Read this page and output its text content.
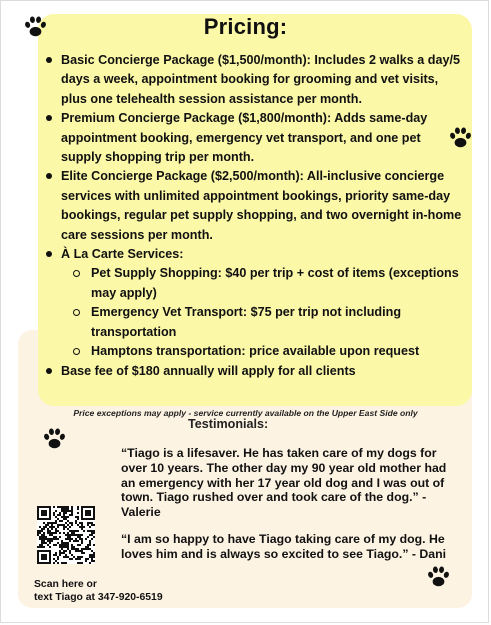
Pricing:
Basic Concierge Package ($1,500/month): Includes 2 walks a day/5 days a week, appointment booking for grooming and vet visits, plus one telehealth session assistance per month.
Premium Concierge Package ($1,800/month): Adds same-day appointment booking, emergency vet transport, and one pet supply shopping trip per month.
Elite Concierge Package ($2,500/month): All-inclusive concierge services with unlimited appointment bookings, priority same-day bookings, regular pet supply shopping, and two overnight in-home care sessions per month.
À La Carte Services:
Pet Supply Shopping: $40 per trip + cost of items (exceptions may apply)
Emergency Vet Transport: $75 per trip not including transportation
Hamptons transportation: price available upon request
Base fee of $180 annually will apply for all clients
Price exceptions may apply - service currently available on the Upper East Side only
Testimonials:

“Tiago is a lifesaver. He has taken care of my dogs for over 10 years. The other day my 90 year old mother had an emergency with her 17 year old dog and I was out of town. Tiago rushed over and took care of the dog.” - Valerie

“I am so happy to have Tiago taking care of my dog. He loves him and is always so excited to see Tiago.” - Dani

Scan here or
text Tiago at 347-920-6519
